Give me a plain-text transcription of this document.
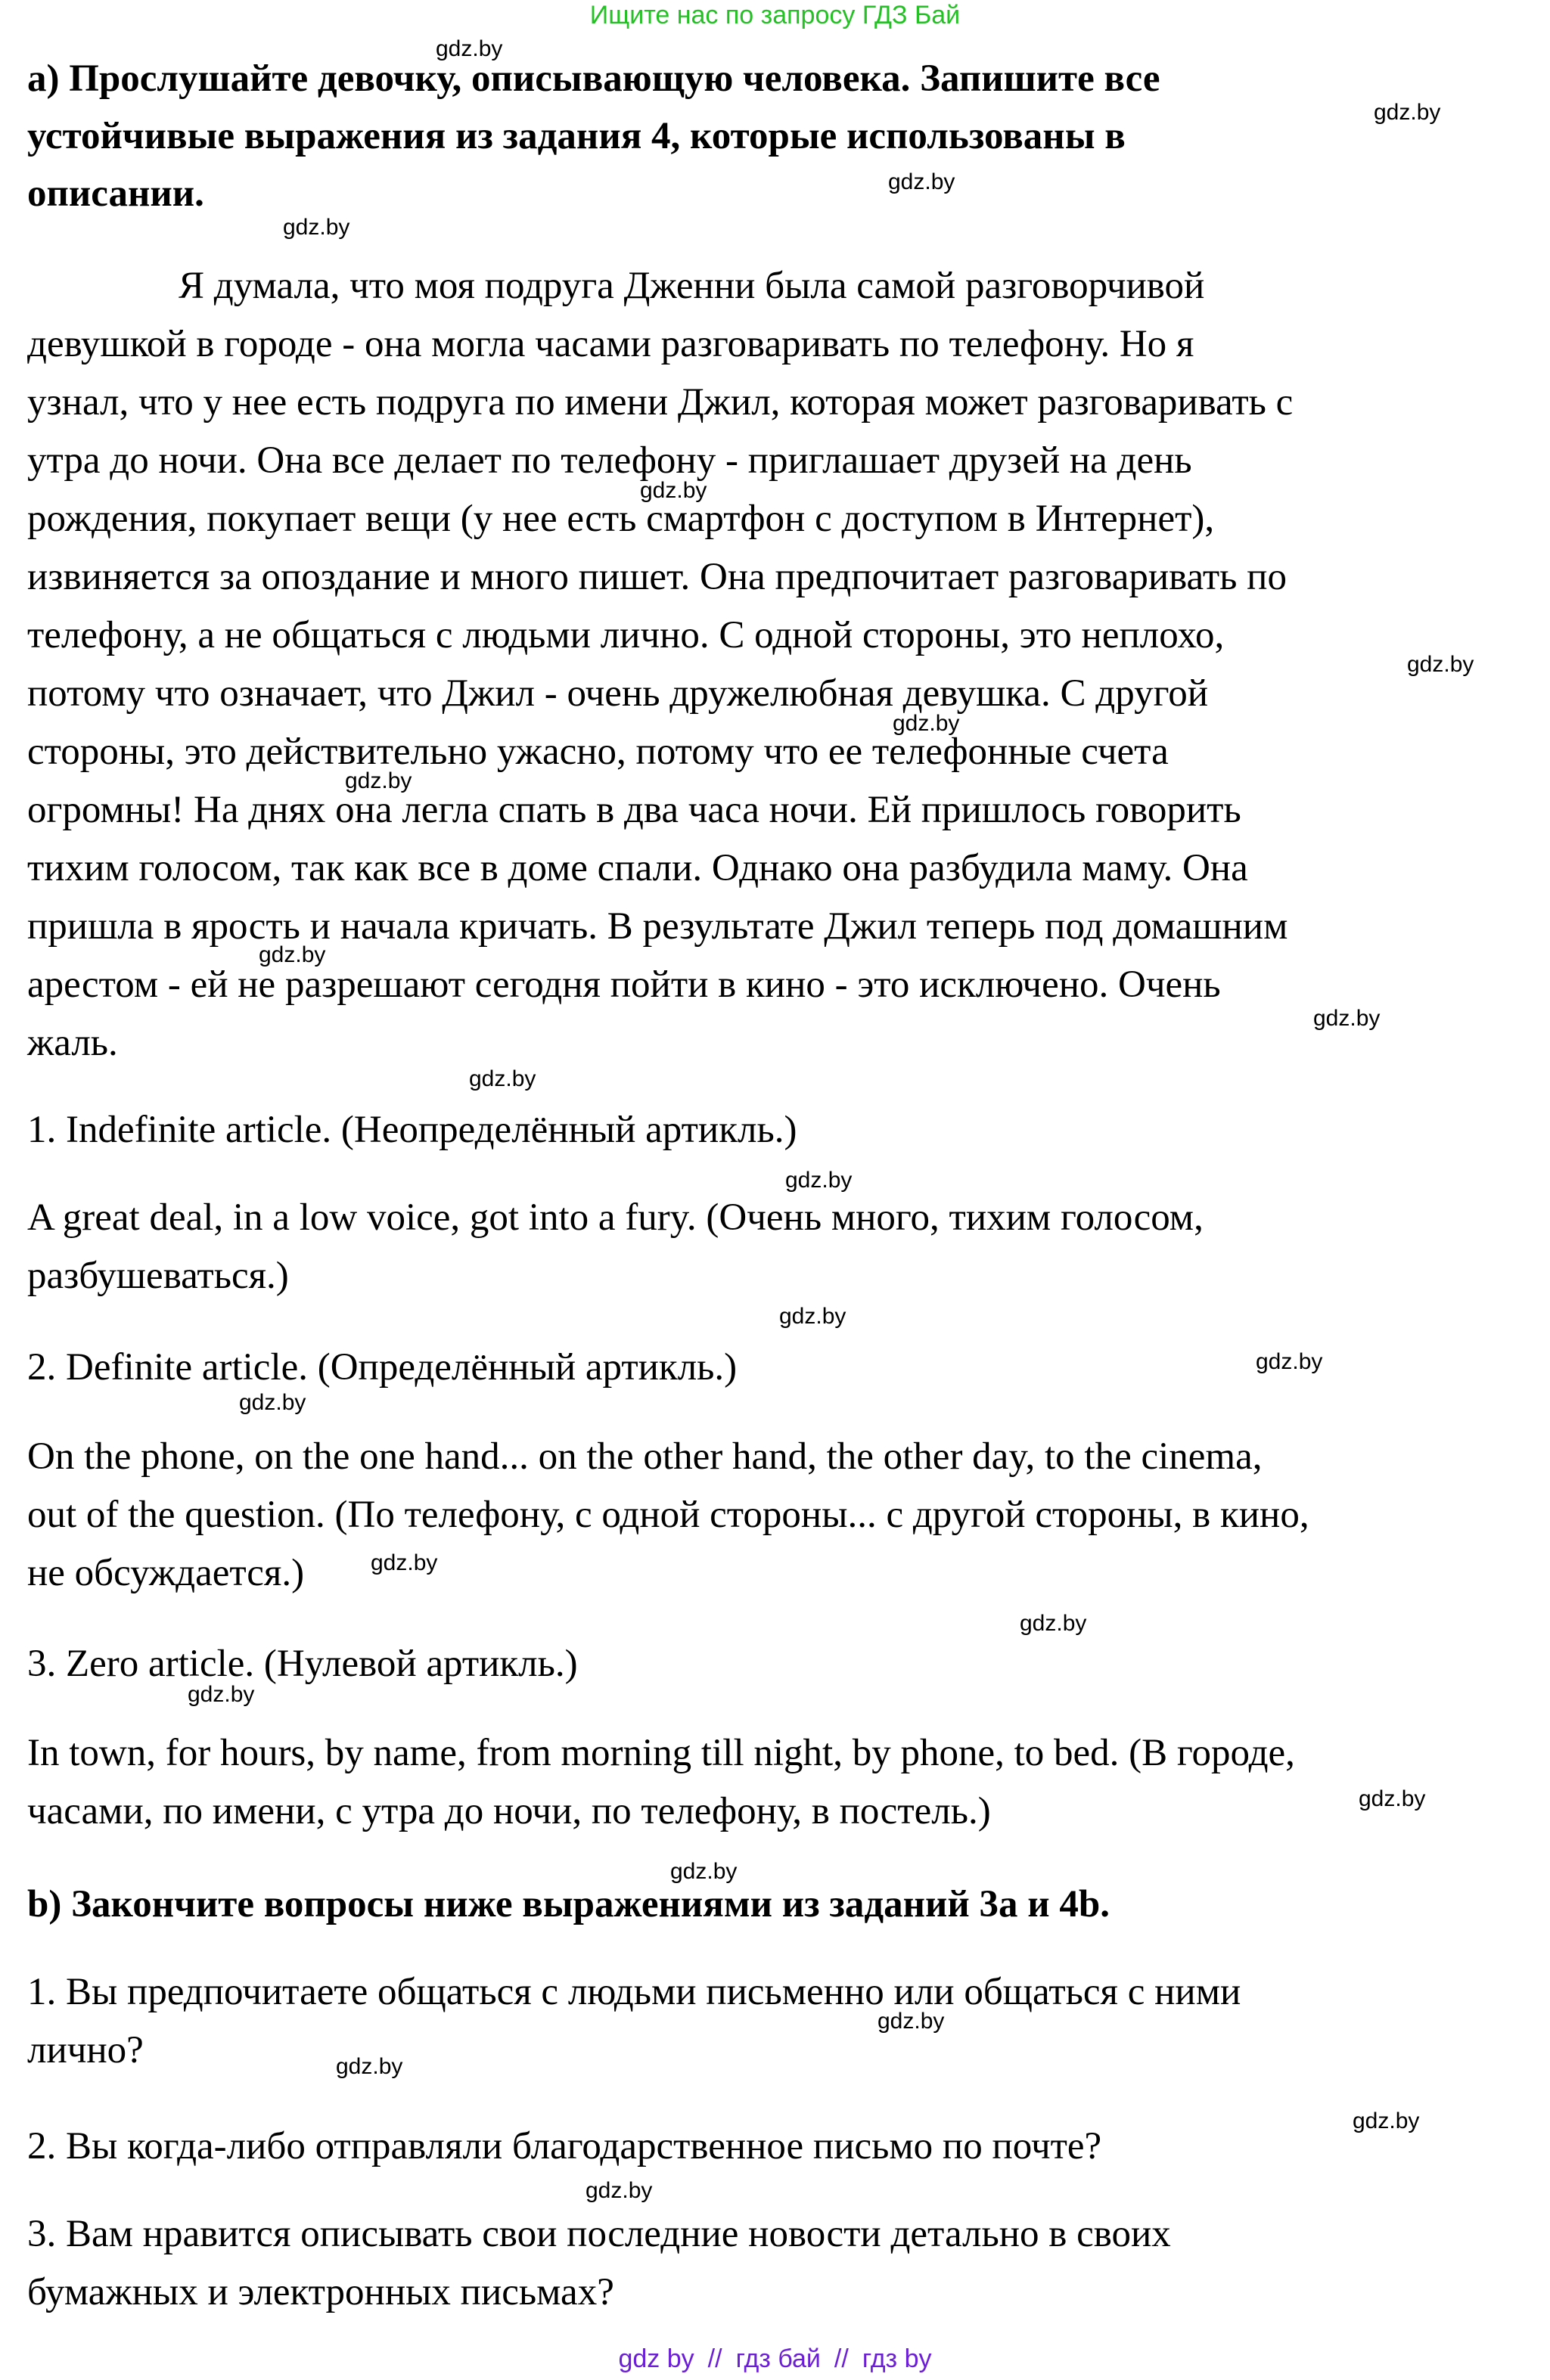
Ищите нас по запросу ГДЗ Бай
а) Прослушайте девочку, описывающую человека. Запишите все
устойчивые выражения из задания 4, которые использованы в
описании.
Я думала, что моя подруга Дженни была самой разговорчивой
девушкой в городе - она могла часами разговаривать по телефону. Но я
узнал, что у нее есть подруга по имени Джил, которая может разговаривать с
утра до ночи. Она все делает по телефону - приглашает друзей на день
рождения, покупает вещи (у нее есть смартфон с доступом в Интернет),
извиняется за опоздание и много пишет. Она предпочитает разговаривать по
телефону, а не общаться с людьми лично. С одной стороны, это неплохо,
потому что означает, что Джил - очень дружелюбная девушка. С другой
стороны, это действительно ужасно, потому что ее телефонные счета
огромны! На днях она легла спать в два часа ночи. Ей пришлось говорить
тихим голосом, так как все в доме спали. Однако она разбудила маму. Она
пришла в ярость и начала кричать. В результате Джил теперь под домашним
арестом - ей не разрешают сегодня пойти в кино - это исключено. Очень
жаль.
1. Indefinite article. (Неопределённый артикль.)
A great deal, in a low voice, got into a fury. (Очень много, тихим голосом,
разбушеваться.)
2. Definite article. (Определённый артикль.)
On the phone, on the one hand... on the other hand, the other day, to the cinema,
out of the question. (По телефону, с одной стороны... с другой стороны, в кино,
не обсуждается.)
3. Zero article. (Нулевой артикль.)
In town, for hours, by name, from morning till night, by phone, to bed. (В городе,
часами, по имени, с утра до ночи, по телефону, в постель.)
b) Закончите вопросы ниже выражениями из заданий 3a и 4b.
1. Вы предпочитаете общаться с людьми письменно или общаться с ними
лично?
2. Вы когда-либо отправляли благодарственное письмо по почте?
3. Вам нравится описывать свои последние новости детально в своих
бумажных и электронных письмах?
gdz.by
gdz.by
gdz.by
gdz.by
gdz.by
gdz.by
gdz.by
gdz.by
gdz.by
gdz.by
gdz.by
gdz.by
gdz.by
gdz.by
gdz.by
gdz.by
gdz.by
gdz.by
gdz.by
gdz.by
gdz.by
gdz.by
gdz.by
gdz.by
gdz by // гдз бай // гдз by
